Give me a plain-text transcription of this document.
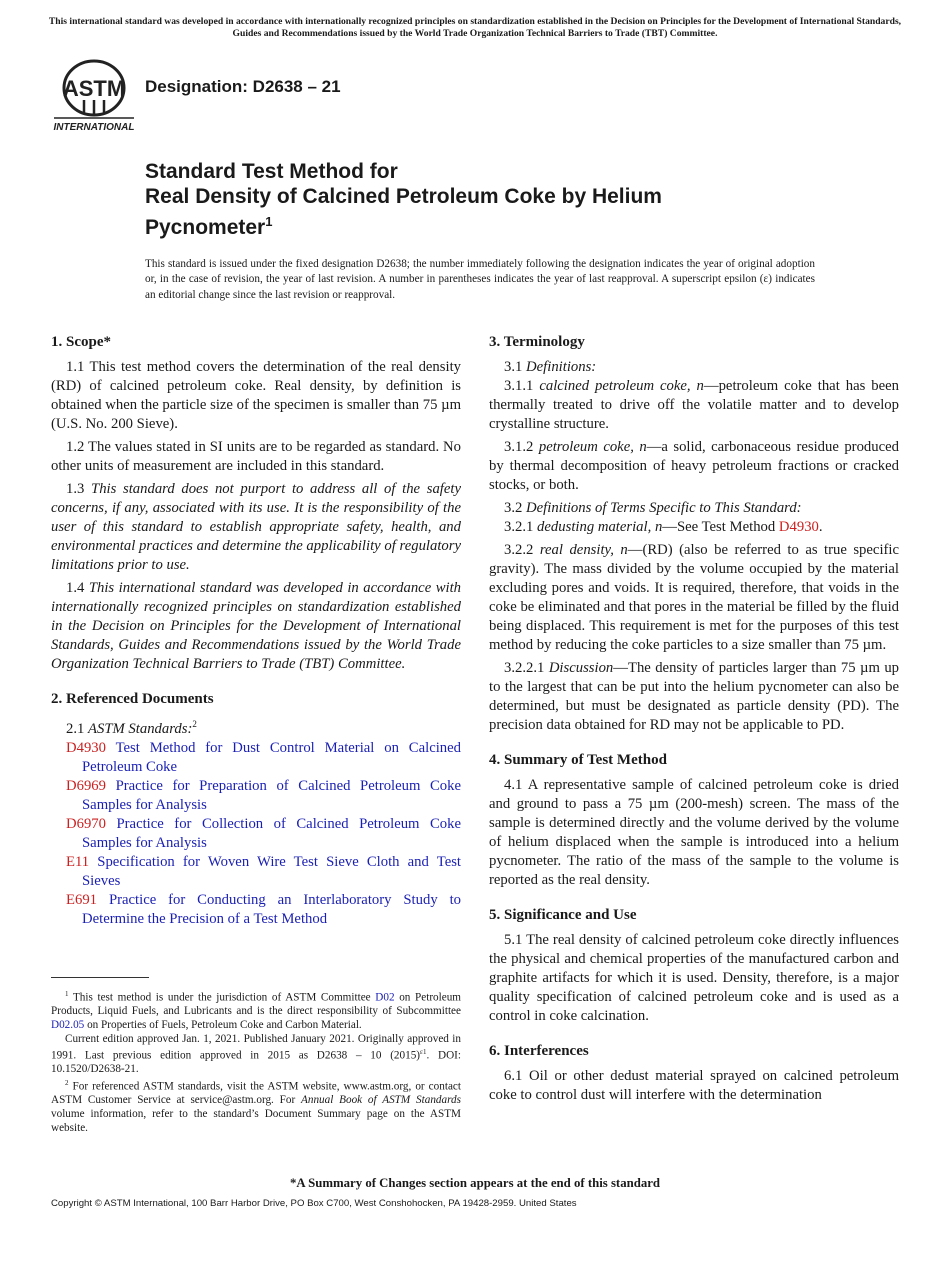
This international standard was developed in accordance with internationally recognized principles on standardization established in the Decision on Principles for the Development of International Standards, Guides and Recommendations issued by the World Trade Organization Technical Barriers to Trade (TBT) Committee.
ASTM
INTERNATIONAL
Designation: D2638 – 21
Standard Test Method for
Real Density of Calcined Petroleum Coke by Helium
Pycnometer$^1$
This standard is issued under the fixed designation D2638; the number immediately following the designation indicates the year of original adoption or, in the case of revision, the year of last revision. A number in parentheses indicates the year of last reapproval. A superscript epsilon (ε) indicates an editorial change since the last revision or reapproval.
1. Scope*

1.1 This test method covers the determination of the real density (RD) of calcined petroleum coke. Real density, by definition is obtained when the particle size of the specimen is smaller than 75 µm (U.S. No. 200 Sieve).

1.2 The values stated in SI units are to be regarded as standard. No other units of measurement are included in this standard.

1.3 This standard does not purport to address all of the safety concerns, if any, associated with its use. It is the responsibility of the user of this standard to establish appropriate safety, health, and environmental practices and determine the applicability of regulatory limitations prior to use.

1.4 This international standard was developed in accordance with internationally recognized principles on standardization established in the Decision on Principles for the Development of International Standards, Guides and Recommendations issued by the World Trade Organization Technical Barriers to Trade (TBT) Committee.

2. Referenced Documents

2.1 ASTM Standards:$^2$

D4930 Test Method for Dust Control Material on Calcined Petroleum Coke

D6969 Practice for Preparation of Calcined Petroleum Coke Samples for Analysis

D6970 Practice for Collection of Calcined Petroleum Coke Samples for Analysis

E11 Specification for Woven Wire Test Sieve Cloth and Test Sieves

E691 Practice for Conducting an Interlaboratory Study to Determine the Precision of a Test Method

$^1$ This test method is under the jurisdiction of ASTM Committee D02 on Petroleum Products, Liquid Fuels, and Lubricants and is the direct responsibility of Subcommittee D02.05 on Properties of Fuels, Petroleum Coke and Carbon Material.

Current edition approved Jan. 1, 2021. Published January 2021. Originally approved in 1991. Last previous edition approved in 2015 as D2638 – 10 $(2015)^{\varepsilon 1}$. DOI: 10.1520/D2638-21.

$^2$ For referenced ASTM standards, visit the ASTM website, www.astm.org, or contact ASTM Customer Service at service@astm.org. For Annual Book of ASTM Standards volume information, refer to the standard’s Document Summary page on the ASTM website.

3. Terminology

3.1 Definitions:

3.1.1 calcined petroleum coke, n—petroleum coke that has been thermally treated to drive off the volatile matter and to develop crystalline structure.

3.1.2 petroleum coke, n—a solid, carbonaceous residue produced by thermal decomposition of heavy petroleum fractions or cracked stocks, or both.

3.2 Definitions of Terms Specific to This Standard:

3.2.1 dedusting material, n—See Test Method D4930.

3.2.2 real density, n—(RD) (also be referred to as true specific gravity). The mass divided by the volume occupied by the material excluding pores and voids. It is required, therefore, that voids in the coke be eliminated and that pores in the material be filled by the fluid being displaced. This requirement is met for the purposes of this test method by reducing the coke particles to a size smaller than 75 µm.

3.2.2.1 Discussion—The density of particles larger than 75 µm up to the largest that can be put into the helium pycnometer can also be determined, but must be designated as particle density (PD). The precision data obtained for RD may not be applicable to PD.

4. Summary of Test Method

4.1 A representative sample of calcined petroleum coke is dried and ground to pass a 75 µm (200-mesh) screen. The mass of the sample is determined directly and the volume derived by the volume of helium displaced when the sample is introduced into a helium pycnometer. The ratio of the mass of the sample to the volume is reported as the real density.

5. Significance and Use

5.1 The real density of calcined petroleum coke directly influences the physical and chemical properties of the manufactured carbon and graphite artifacts for which it is used. Density, therefore, is a major quality specification of calcined petroleum coke and is used as a control in coke calcination.

6. Interferences

6.1 Oil or other dedust material sprayed on calcined petroleum coke to control dust will interfere with the determination

*A Summary of Changes section appears at the end of this standard
Copyright © ASTM International, 100 Barr Harbor Drive, PO Box C700, West Conshohocken, PA 19428-2959. United States
